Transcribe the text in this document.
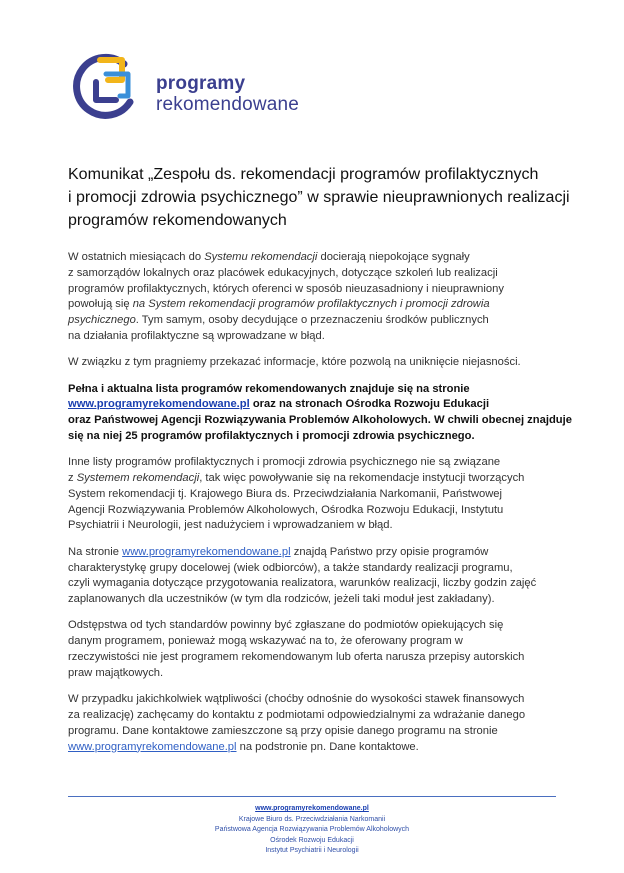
programy
rekomendowane
Komunikat „Zespołu ds. rekomendacji programów profilaktycznych
i promocji zdrowia psychicznego” w sprawie nieuprawnionych realizacji
programów rekomendowanych

W ostatnich miesiącach do Systemu rekomendacji docierają niepokojące sygnały
z samorządów lokalnych oraz placówek edukacyjnych, dotyczące szkoleń lub realizacji
programów profilaktycznych, których oferenci w sposób nieuzasadniony i nieuprawniony
powołują się na System rekomendacji programów profilaktycznych i promocji zdrowia
psychicznego. Tym samym, osoby decydujące o przeznaczeniu środków publicznych
na działania profilaktyczne są wprowadzane w błąd.

W związku z tym pragniemy przekazać informacje, które pozwolą na uniknięcie niejasności.

Pełna i aktualna lista programów rekomendowanych znajduje się na stronie
www.programyrekomendowane.pl oraz na stronach Ośrodka Rozwoju Edukacji
oraz Państwowej Agencji Rozwiązywania Problemów Alkoholowych. W chwili obecnej znajduje
się na niej 25 programów profilaktycznych i promocji zdrowia psychicznego.

Inne listy programów profilaktycznych i promocji zdrowia psychicznego nie są związane
z Systemem rekomendacji, tak więc powoływanie się na rekomendacje instytucji tworzących
System rekomendacji tj. Krajowego Biura ds. Przeciwdziałania Narkomanii, Państwowej
Agencji Rozwiązywania Problemów Alkoholowych, Ośrodka Rozwoju Edukacji, Instytutu
Psychiatrii i Neurologii, jest nadużyciem i wprowadzaniem w błąd.

Na stronie www.programyrekomendowane.pl znajdą Państwo przy opisie programów
charakterystykę grupy docelowej (wiek odbiorców), a także standardy realizacji programu,
czyli wymagania dotyczące przygotowania realizatora, warunków realizacji, liczby godzin zajęć
zaplanowanych dla uczestników (w tym dla rodziców, jeżeli taki moduł jest zakładany).

Odstępstwa od tych standardów powinny być zgłaszane do podmiotów opiekujących się
danym programem, ponieważ mogą wskazywać na to, że oferowany program w
rzeczywistości nie jest programem rekomendowanym lub oferta narusza przepisy autorskich
praw majątkowych.

W przypadku jakichkolwiek wątpliwości (choćby odnośnie do wysokości stawek finansowych
za realizację) zachęcamy do kontaktu z podmiotami odpowiedzialnymi za wdrażanie danego
programu. Dane kontaktowe zamieszczone są przy opisie danego programu na stronie
www.programyrekomendowane.pl na podstronie pn. Dane kontaktowe.

www.programyrekomendowane.pl
Krajowe Biuro ds. Przeciwdziałania Narkomanii
Państwowa Agencja Rozwiązywania Problemów Alkoholowych
Ośrodek Rozwoju Edukacji
Instytut Psychiatrii i Neurologii
